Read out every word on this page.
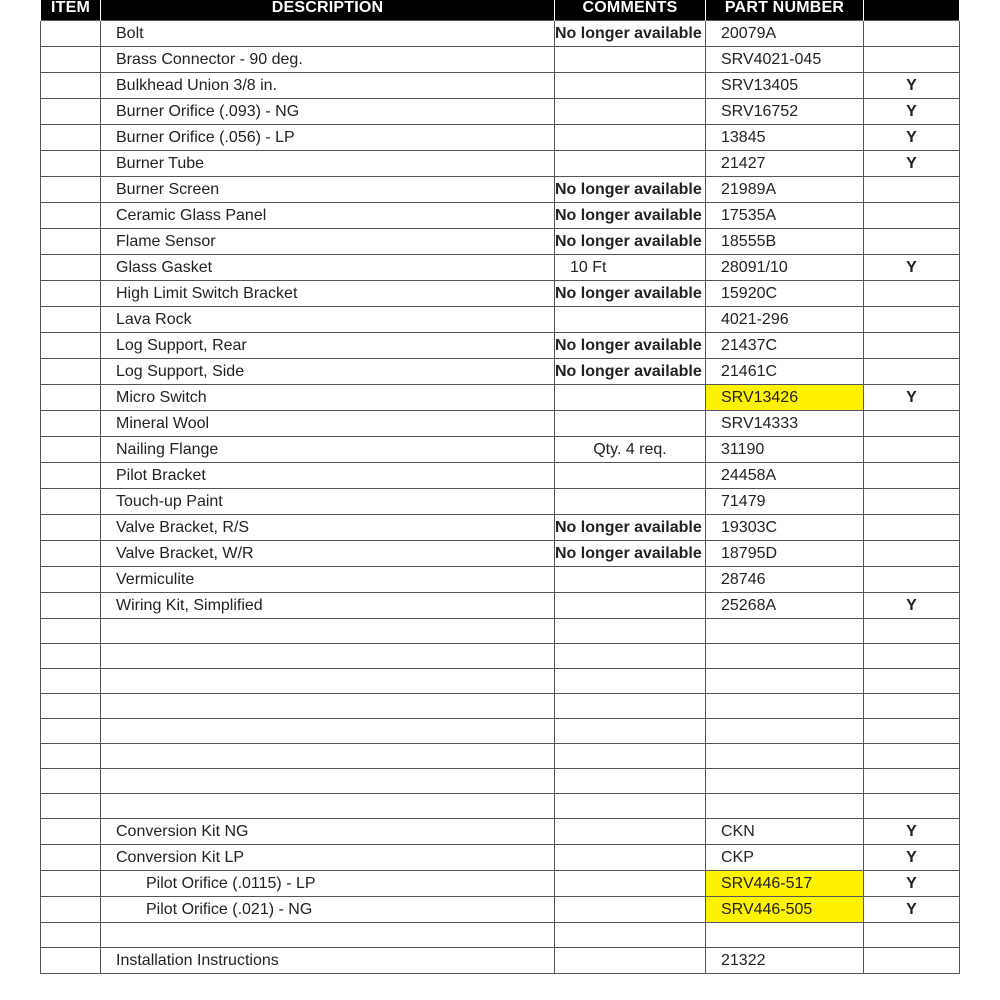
ITEM	DESCRIPTION	COMMENTS	PART NUMBER	
	Bolt	No longer available	20079A	
	Brass Connector - 90 deg.		SRV4021-045	
	Bulkhead Union 3/8 in.		SRV13405	Y
	Burner Orifice (.093) - NG		SRV16752	Y
	Burner Orifice (.056) - LP		13845	Y
	Burner Tube		21427	Y
	Burner Screen	No longer available	21989A	
	Ceramic Glass Panel	No longer available	17535A	
	Flame Sensor	No longer available	18555B	
	Glass Gasket	10 Ft	28091/10	Y
	High Limit Switch Bracket	No longer available	15920C	
	Lava Rock		4021-296	
	Log Support, Rear	No longer available	21437C	
	Log Support, Side	No longer available	21461C	
	Micro Switch		SRV13426	Y
	Mineral Wool		SRV14333	
	Nailing Flange	Qty. 4 req.	31190	
	Pilot Bracket		24458A	
	Touch-up Paint		71479	
	Valve Bracket, R/S	No longer available	19303C	
	Valve Bracket, W/R	No longer available	18795D	
	Vermiculite		28746	
	Wiring Kit, Simplified		25268A	Y

	Conversion Kit NG		CKN	Y
	Conversion Kit LP		CKP	Y
	Pilot Orifice (.0115) - LP		SRV446-517	Y
	Pilot Orifice (.021) - NG		SRV446-505	Y

	Installation Instructions		21322	
